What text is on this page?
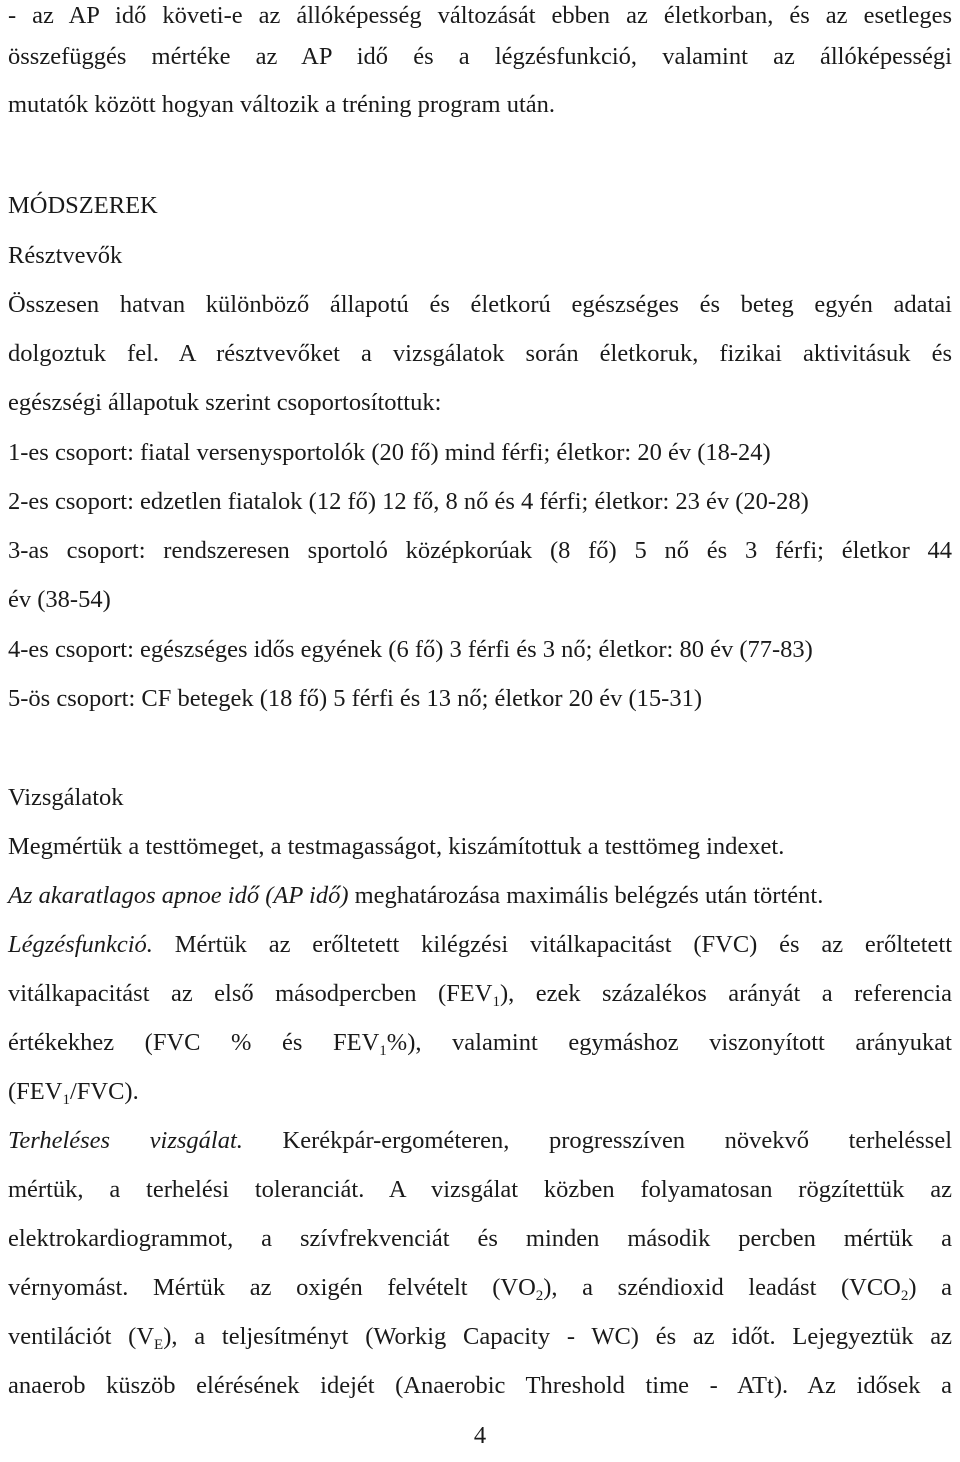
- az AP idő követi-e az állóképesség változását ebben az életkorban, és az esetleges
összefüggés mértéke az AP idő és a légzésfunkció, valamint az állóképességi
mutatók között hogyan változik a tréning program után.
MÓDSZEREK
Résztvevők
Összesen hatvan különböző állapotú és életkorú egészséges és beteg egyén adatai
dolgoztuk fel. A résztvevőket a vizsgálatok során életkoruk, fizikai aktivitásuk és
egészségi állapotuk szerint csoportosítottuk:
1-es csoport: fiatal versenysportolók (20 fő) mind férfi; életkor: 20 év (18-24)
2-es csoport: edzetlen fiatalok (12 fő) 12 fő, 8 nő és 4 férfi; életkor: 23 év (20-28)
3-as csoport: rendszeresen sportoló középkorúak (8 fő) 5 nő és 3 férfi; életkor 44
év (38-54)
4-es csoport: egészséges idős egyének (6 fő) 3 férfi és 3 nő; életkor: 80 év (77-83)
5-ös csoport: CF betegek (18 fő) 5 férfi és 13 nő; életkor 20 év (15-31)
Vizsgálatok
Megmértük a testtömeget, a testmagasságot, kiszámítottuk a testtömeg indexet.
Az akaratlagos apnoe idő (AP idő) meghatározása maximális belégzés után történt.
Légzésfunkció. Mértük az erőltetett kilégzési vitálkapacitást (FVC) és az erőltetett
vitálkapacitást az első másodpercben $(FEV_1)$, ezek százalékos arányát a referencia
értékekhez (FVC % és $FEV_1\%$), valamint egymáshoz viszonyított arányukat
$(FEV_1/FVC)$.
Terheléses vizsgálat. Kerékpár-ergométeren, progresszíven növekvő terheléssel
mértük, a terhelési toleranciát. A vizsgálat közben folyamatosan rögzítettük az
elektrokardiogrammot, a szívfrekvenciát és minden második percben mértük a
vérnyomást. Mértük az oxigén felvételt $(VO_2)$, a széndioxid leadást $(VCO_2)$ a
ventilációt $(V_E)$, a teljesítményt (Workig Capacity - WC) és az időt. Lejegyeztük az
anaerob küszöb elérésének idejét (Anaerobic Threshold time - ATt). Az idősek a
4
